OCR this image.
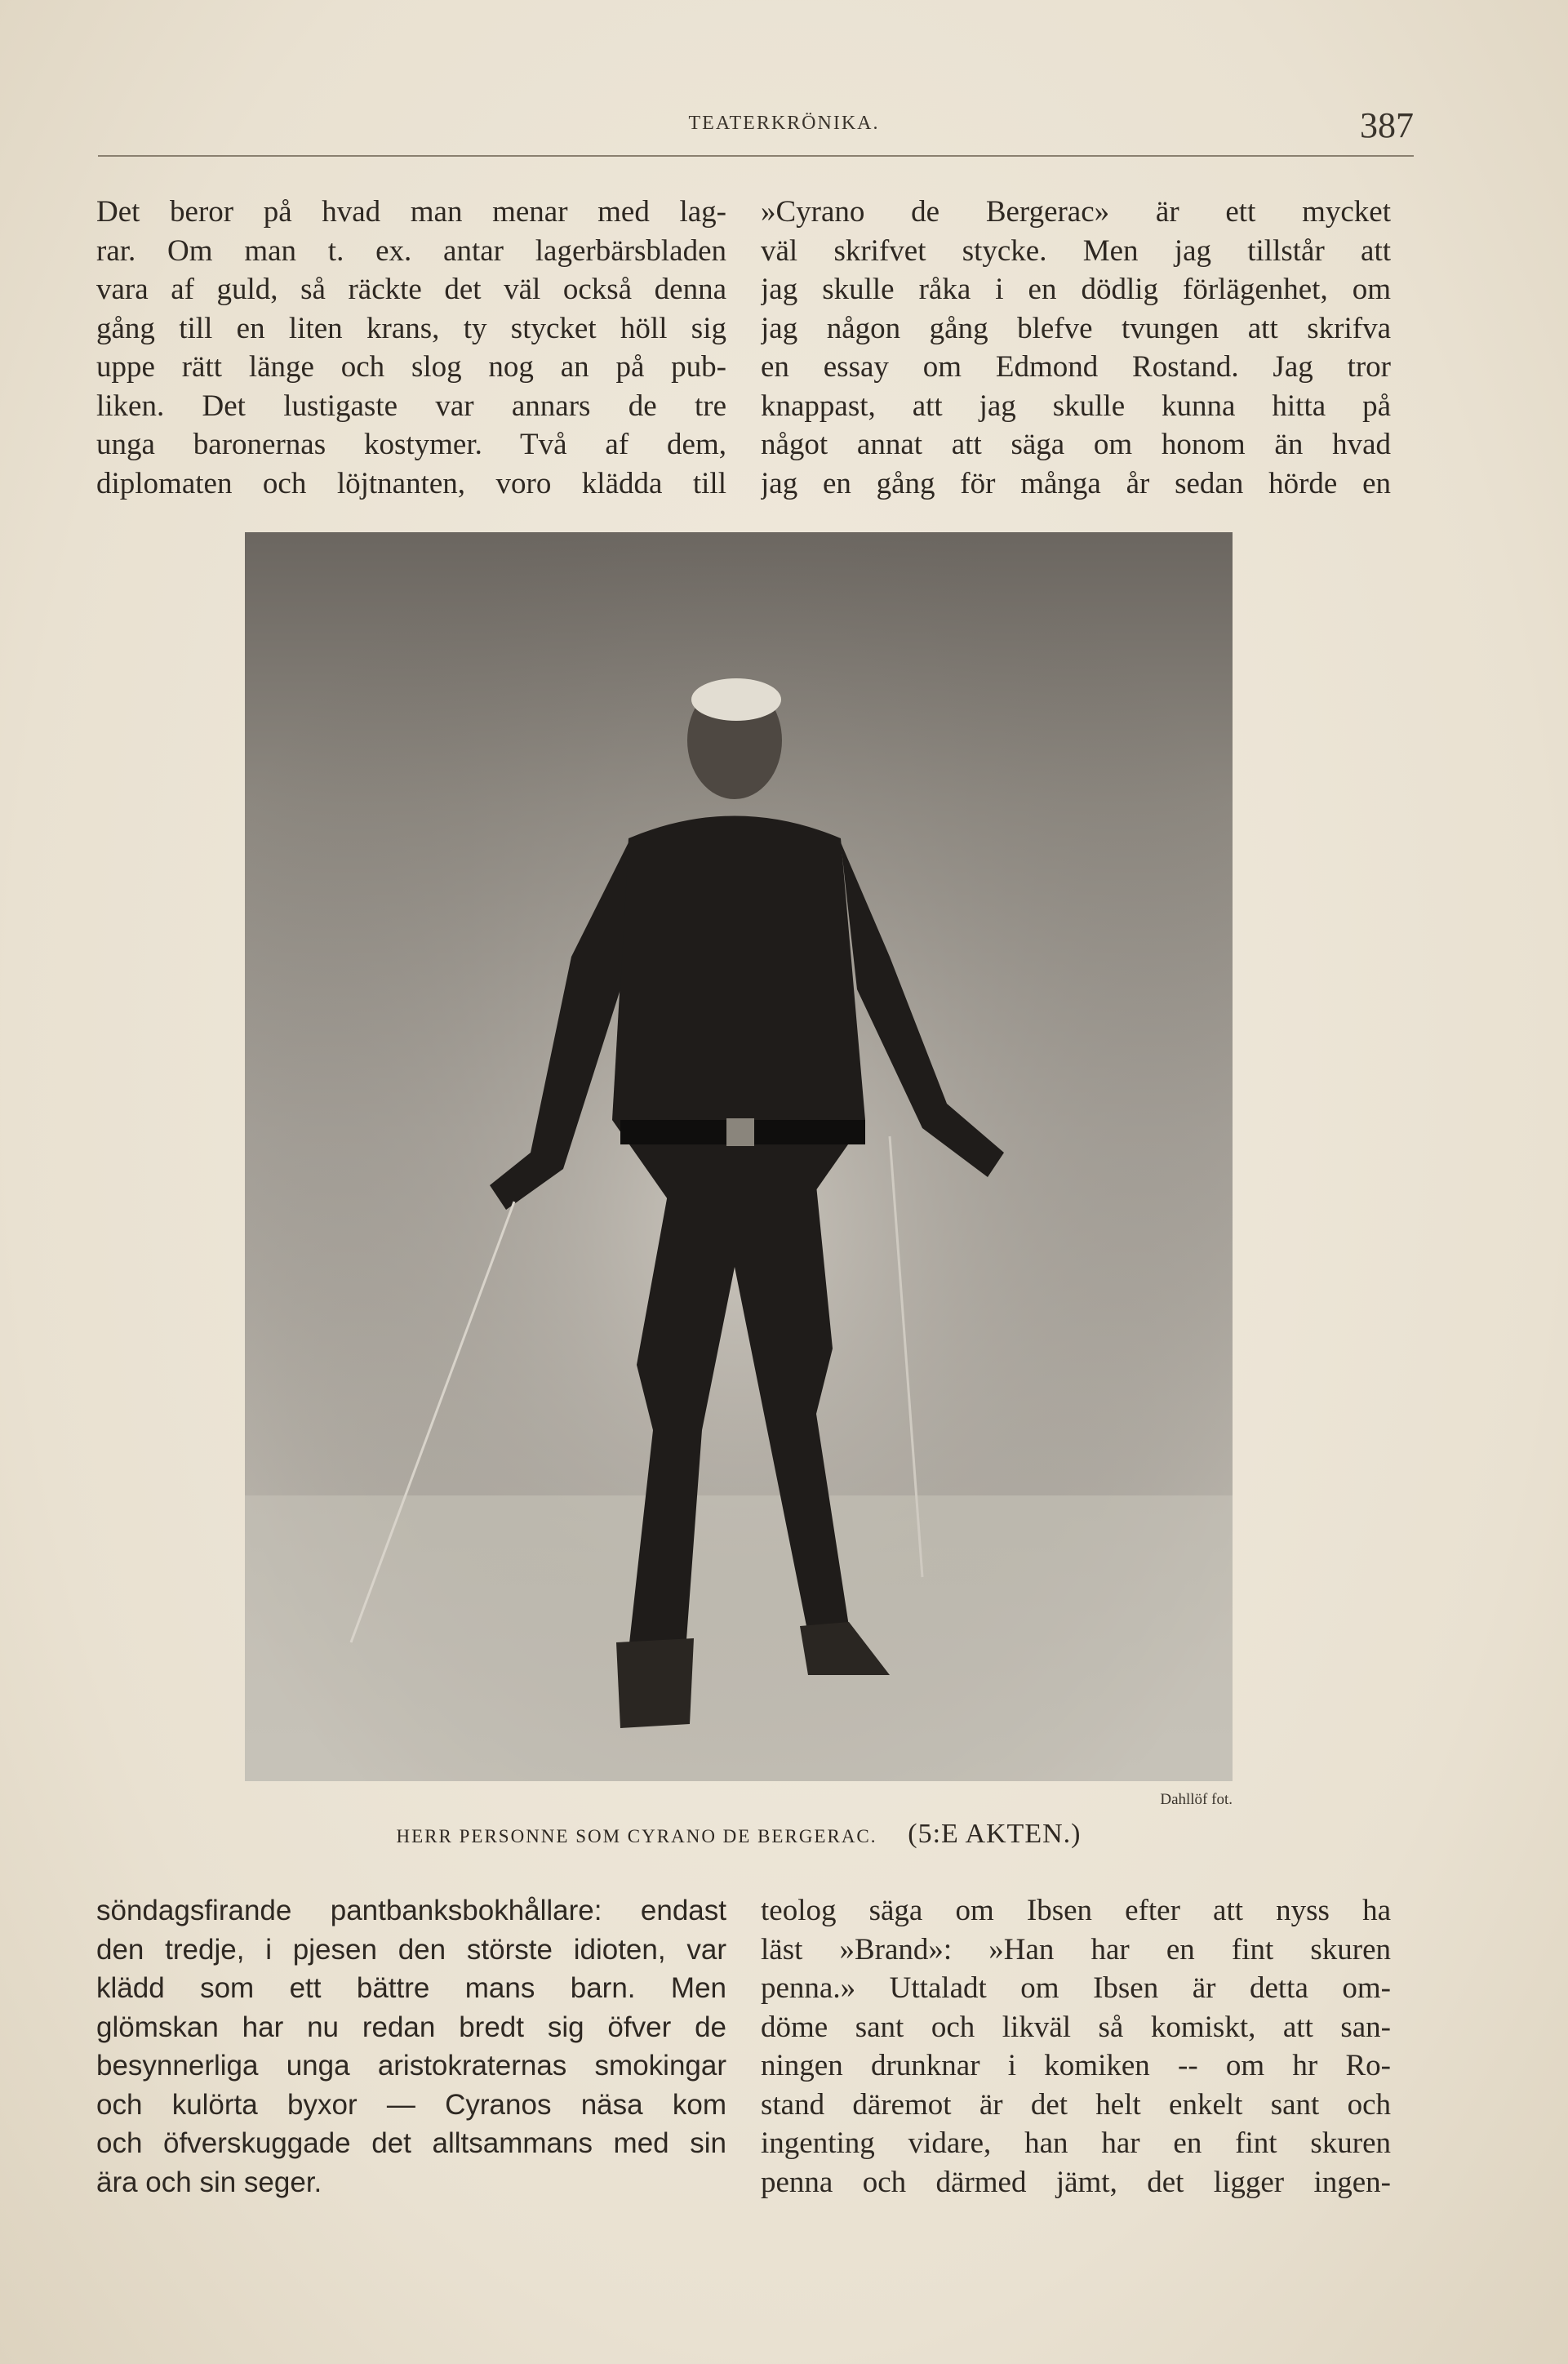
TEATERKRÖNIKA.	387
Det beror på hvad man menar med lag-
rar. Om man t. ex. antar lagerbärsbladen
vara af guld, så räckte det väl också denna
gång till en liten krans, ty stycket höll sig
uppe rätt länge och slog nog an på pub-
liken. Det lustigaste var annars de tre
unga baronernas kostymer. Två af dem,
diplomaten och löjtnanten, voro klädda till
»Cyrano de Bergerac» är ett mycket
väl skrifvet stycke. Men jag tillstår att
jag skulle råka i en dödlig förlägenhet, om
jag någon gång blefve tvungen att skrifva
en essay om Edmond Rostand. Jag tror
knappast, att jag skulle kunna hitta på
något annat att säga om honom än hvad
jag en gång för många år sedan hörde en
Dahllöf fot.
HERR PERSONNE SOM CYRANO DE BERGERAC. (5:E AKTEN.)
söndagsfirande pantbanksbokhållare: endast
den tredje, i pjesen den störste idioten, var
klädd som ett bättre mans barn. Men
glömskan har nu redan bredt sig öfver de
besynnerliga unga aristokraternas smokingar
och kulörta byxor — Cyranos näsa kom
och öfverskuggade det alltsammans med sin
ära och sin seger.
teolog säga om Ibsen efter att nyss ha
läst »Brand»: »Han har en fint skuren
penna.» Uttaladt om Ibsen är detta om-
döme sant och likväl så komiskt, att san-
ningen drunknar i komiken -- om hr Ro-
stand däremot är det helt enkelt sant och
ingenting vidare, han har en fint skuren
penna och därmed jämt, det ligger ingen-
